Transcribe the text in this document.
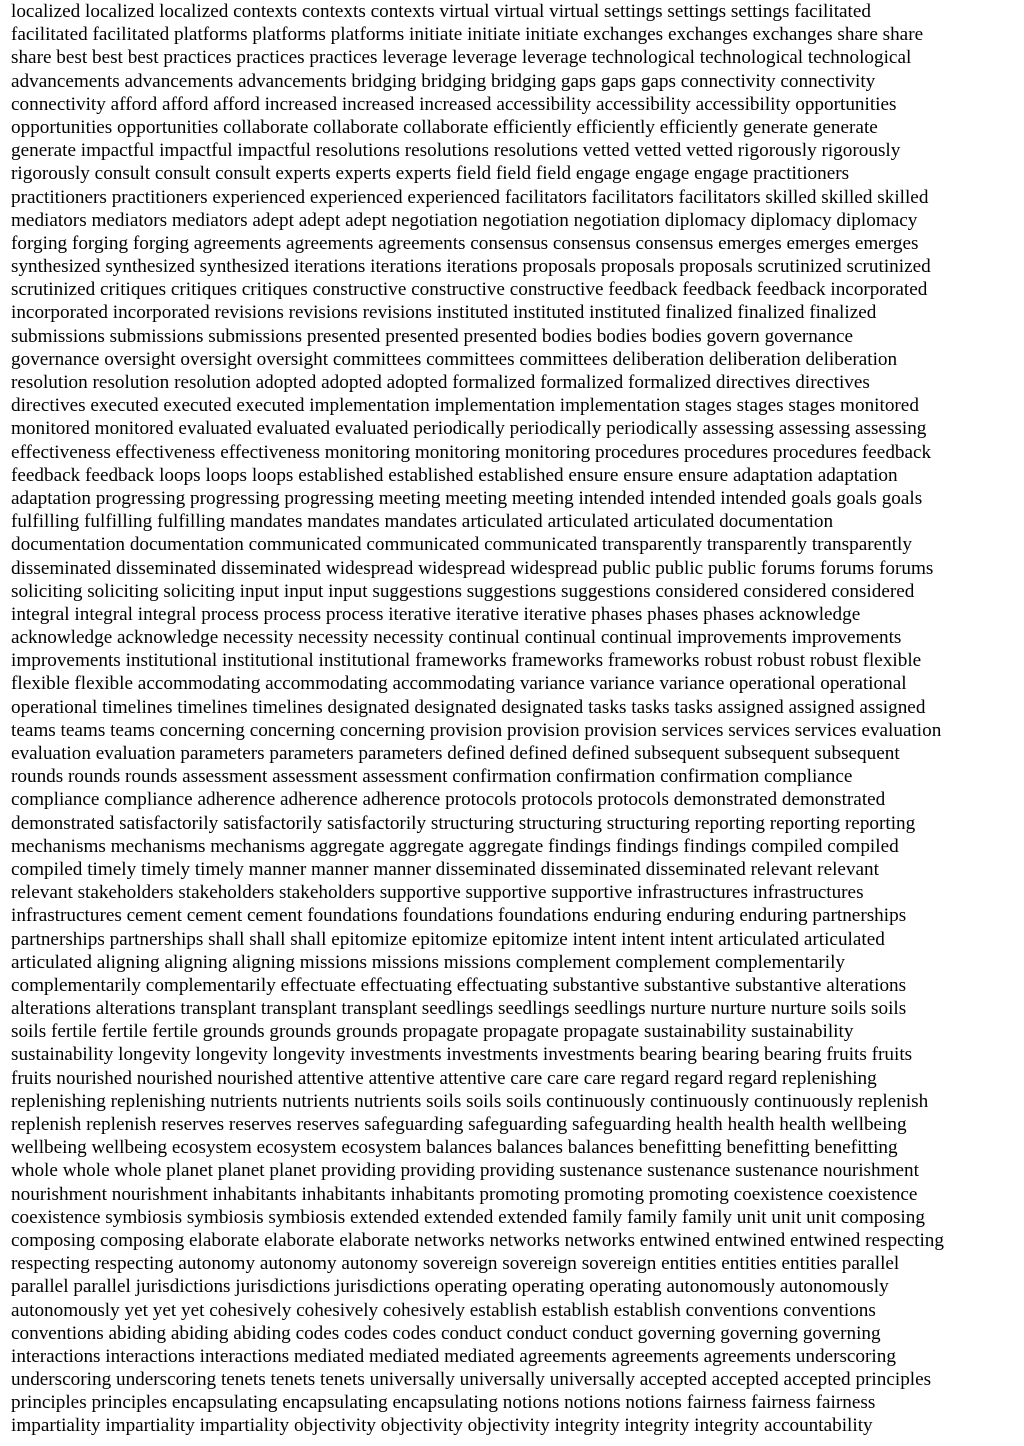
localized localized localized contexts contexts contexts virtual virtual virtual settings settings settings facilitated
facilitated facilitated platforms platforms platforms initiate initiate initiate exchanges exchanges exchanges share share
share best best best practices practices practices leverage leverage leverage technological technological technological
advancements advancements advancements bridging bridging bridging gaps gaps gaps connectivity connectivity
connectivity afford afford afford increased increased increased accessibility accessibility accessibility opportunities
opportunities opportunities collaborate collaborate collaborate efficiently efficiently efficiently generate generate
generate impactful impactful impactful resolutions resolutions resolutions vetted vetted vetted rigorously rigorously
rigorously consult consult consult experts experts experts field field field engage engage engage practitioners
practitioners practitioners experienced experienced experienced facilitators facilitators facilitators skilled skilled skilled
mediators mediators mediators adept adept adept negotiation negotiation negotiation diplomacy diplomacy diplomacy
forging forging forging agreements agreements agreements consensus consensus consensus emerges emerges emerges
synthesized synthesized synthesized iterations iterations iterations proposals proposals proposals scrutinized scrutinized
scrutinized critiques critiques critiques constructive constructive constructive feedback feedback feedback incorporated
incorporated incorporated revisions revisions revisions instituted instituted instituted finalized finalized finalized
submissions submissions submissions presented presented presented bodies bodies bodies govern governance
governance oversight oversight oversight committees committees committees deliberation deliberation deliberation
resolution resolution resolution adopted adopted adopted formalized formalized formalized directives directives
directives executed executed executed implementation implementation implementation stages stages stages monitored
monitored monitored evaluated evaluated evaluated periodically periodically periodically assessing assessing assessing
effectiveness effectiveness effectiveness monitoring monitoring monitoring procedures procedures procedures feedback
feedback feedback loops loops loops established established established ensure ensure ensure adaptation adaptation
adaptation progressing progressing progressing meeting meeting meeting intended intended intended goals goals goals
fulfilling fulfilling fulfilling mandates mandates mandates articulated articulated articulated documentation
documentation documentation communicated communicated communicated transparently transparently transparently
disseminated disseminated disseminated widespread widespread widespread public public public forums forums forums
soliciting soliciting soliciting input input input suggestions suggestions suggestions considered considered considered
integral integral integral process process process iterative iterative iterative phases phases phases acknowledge
acknowledge acknowledge necessity necessity necessity continual continual continual improvements improvements
improvements institutional institutional institutional frameworks frameworks frameworks robust robust robust flexible
flexible flexible accommodating accommodating accommodating variance variance variance operational operational
operational timelines timelines timelines designated designated designated tasks tasks tasks assigned assigned assigned
teams teams teams concerning concerning concerning provision provision provision services services services evaluation
evaluation evaluation parameters parameters parameters defined defined defined subsequent subsequent subsequent
rounds rounds rounds assessment assessment assessment confirmation confirmation confirmation compliance
compliance compliance adherence adherence adherence protocols protocols protocols demonstrated demonstrated
demonstrated satisfactorily satisfactorily satisfactorily structuring structuring structuring reporting reporting reporting
mechanisms mechanisms mechanisms aggregate aggregate aggregate findings findings findings compiled compiled
compiled timely timely timely manner manner manner disseminated disseminated disseminated relevant relevant
relevant stakeholders stakeholders stakeholders supportive supportive supportive infrastructures infrastructures
infrastructures cement cement cement foundations foundations foundations enduring enduring enduring partnerships
partnerships partnerships shall shall shall epitomize epitomize epitomize intent intent intent articulated articulated
articulated aligning aligning aligning missions missions missions complement complement complementarily
complementarily complementarily effectuate effectuating effectuating substantive substantive substantive alterations
alterations alterations transplant transplant transplant seedlings seedlings seedlings nurture nurture nurture soils soils
soils fertile fertile fertile grounds grounds grounds propagate propagate propagate sustainability sustainability
sustainability longevity longevity longevity investments investments investments bearing bearing bearing fruits fruits
fruits nourished nourished nourished attentive attentive attentive care care care regard regard regard replenishing
replenishing replenishing nutrients nutrients nutrients soils soils soils continuously continuously continuously replenish
replenish replenish reserves reserves reserves safeguarding safeguarding safeguarding health health health wellbeing
wellbeing wellbeing ecosystem ecosystem ecosystem balances balances balances benefitting benefitting benefitting
whole whole whole planet planet planet providing providing providing sustenance sustenance sustenance nourishment
nourishment nourishment inhabitants inhabitants inhabitants promoting promoting promoting coexistence coexistence
coexistence symbiosis symbiosis symbiosis extended extended extended family family family unit unit unit composing
composing composing elaborate elaborate elaborate networks networks networks entwined entwined entwined respecting
respecting respecting autonomy autonomy autonomy sovereign sovereign sovereign entities entities entities parallel
parallel parallel jurisdictions jurisdictions jurisdictions operating operating operating autonomously autonomously
autonomously yet yet yet cohesively cohesively cohesively establish establish establish conventions conventions
conventions abiding abiding abiding codes codes codes conduct conduct conduct governing governing governing
interactions interactions interactions mediated mediated mediated agreements agreements agreements underscoring
underscoring underscoring tenets tenets tenets universally universally universally accepted accepted accepted principles
principles principles encapsulating encapsulating encapsulating notions notions notions fairness fairness fairness
impartiality impartiality impartiality objectivity objectivity objectivity integrity integrity integrity accountability
